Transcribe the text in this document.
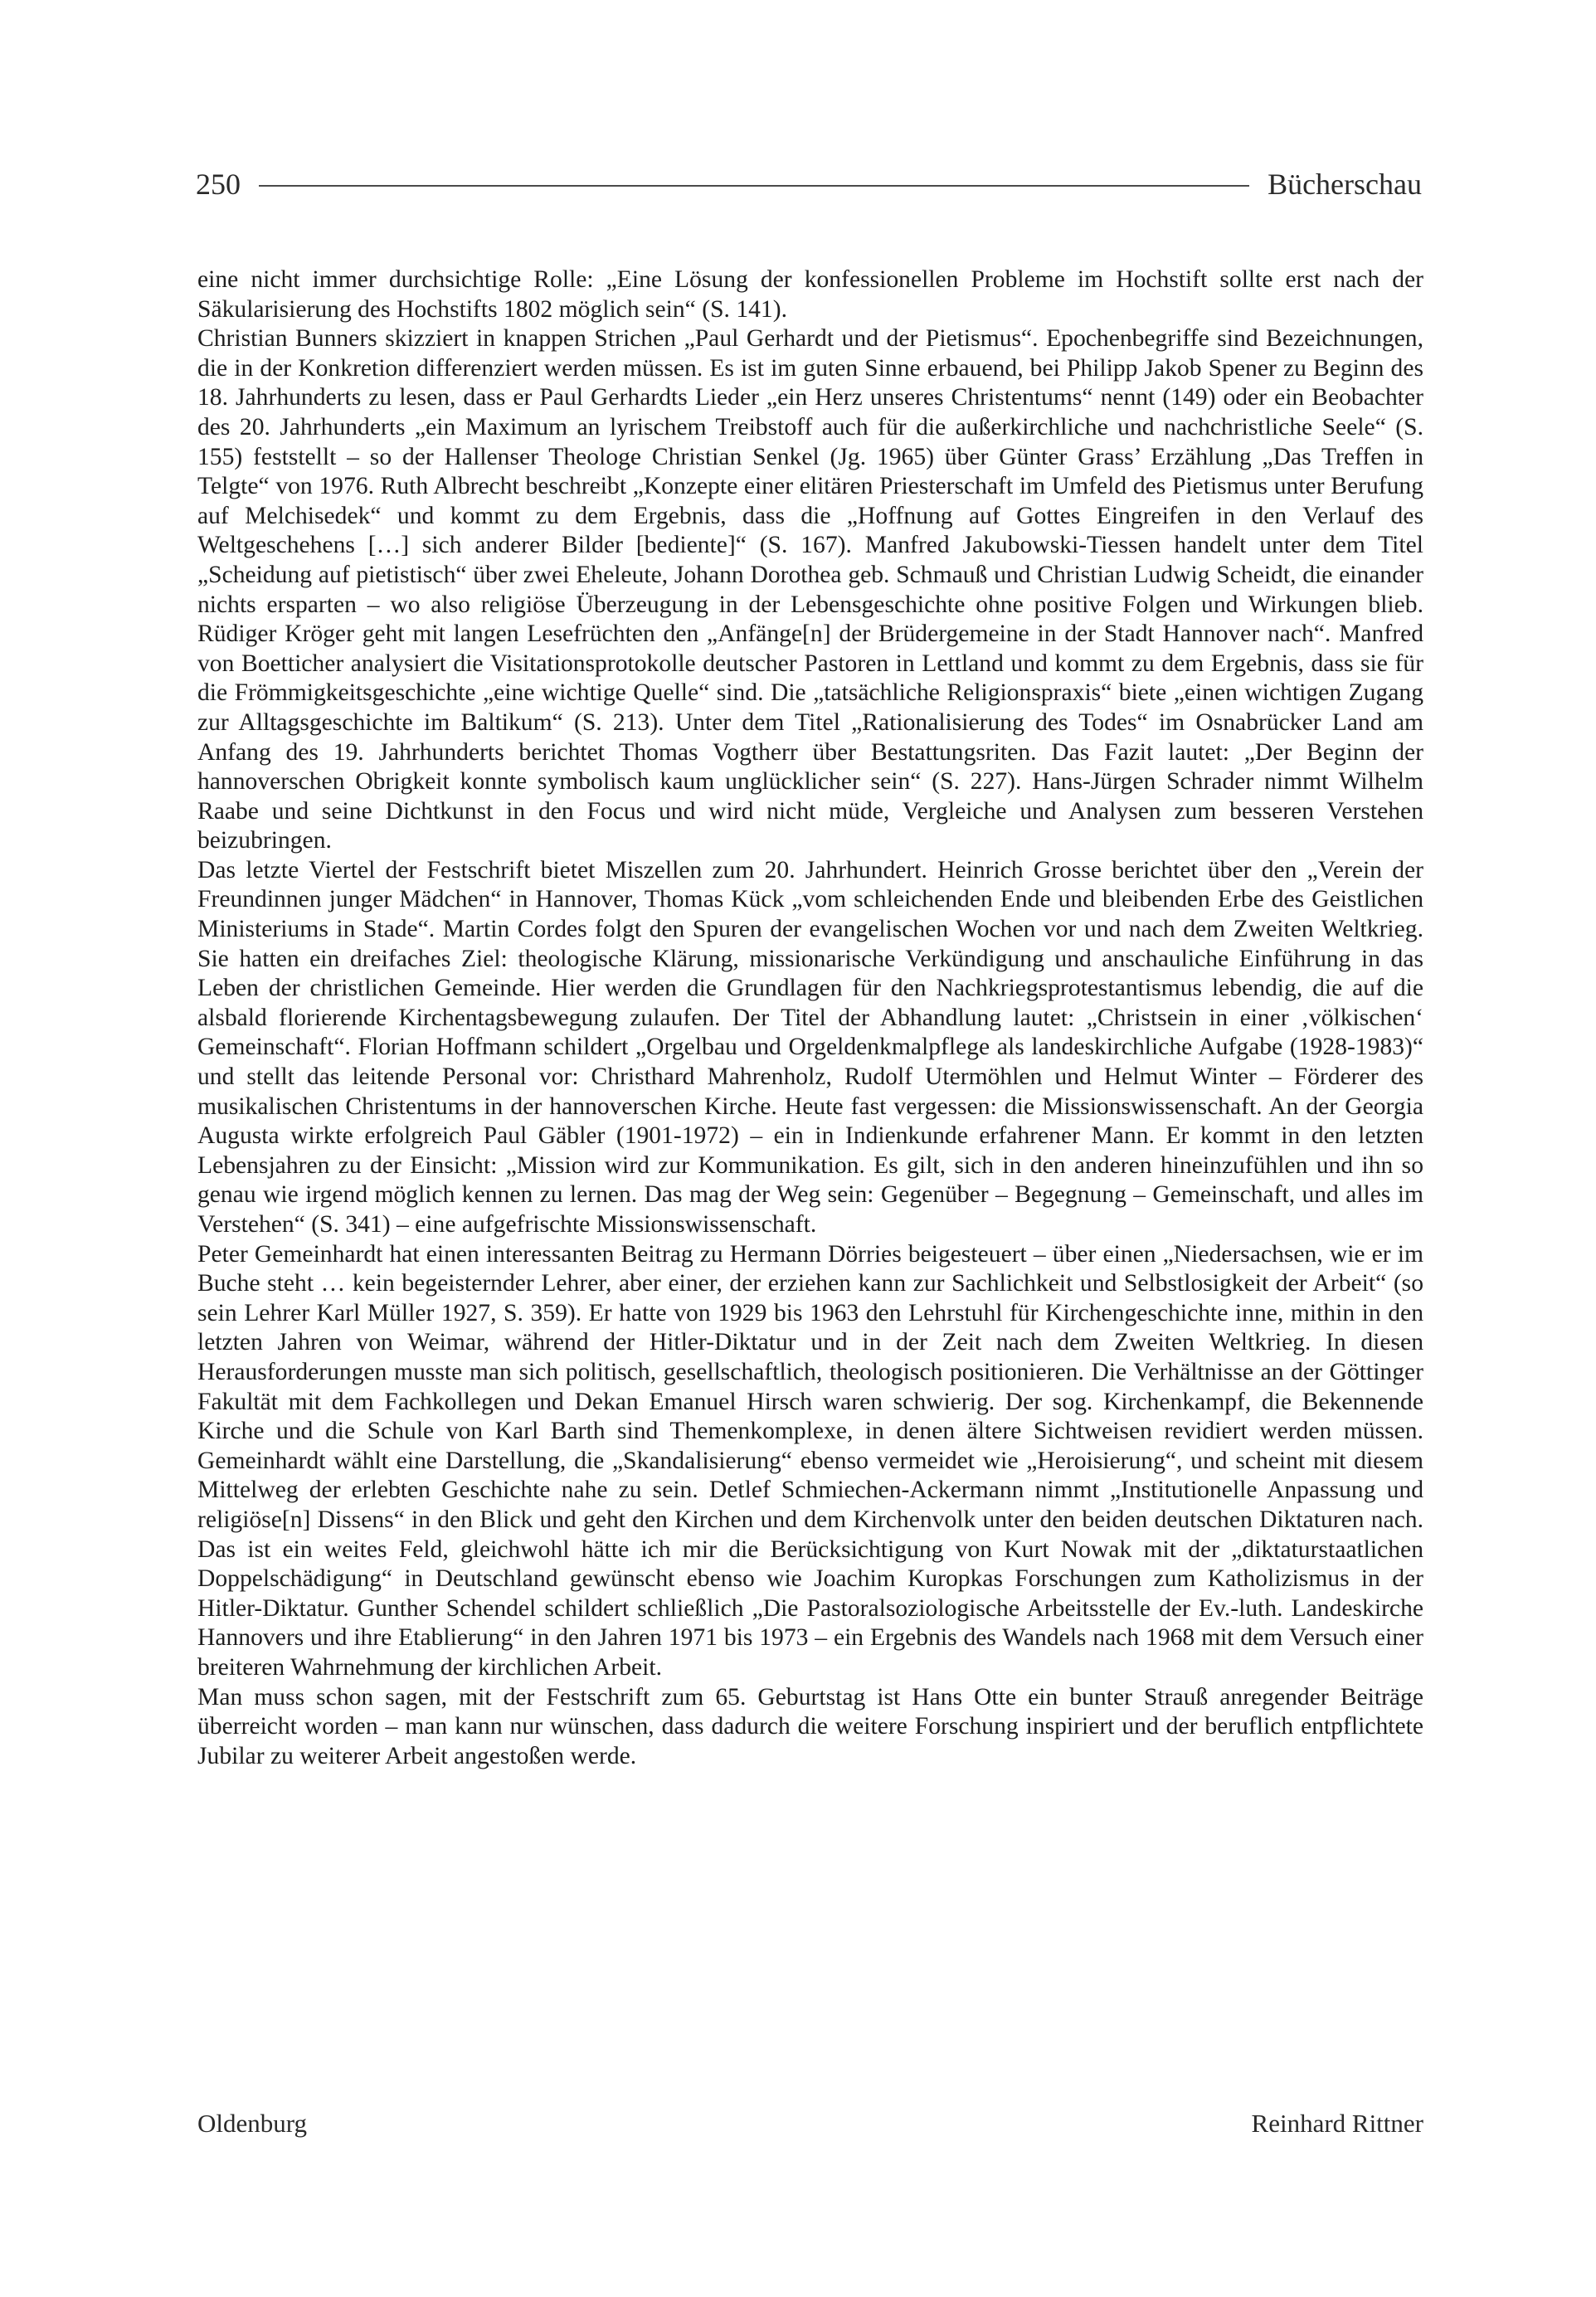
250	Bücherschau

eine nicht immer durchsichtige Rolle: „Eine Lösung der konfessionellen Probleme im Hochstift sollte erst nach der Säkularisierung des Hochstifts 1802 möglich sein“ (S. 141).

Christian Bunners skizziert in knappen Strichen „Paul Gerhardt und der Pietismus“. Epochenbegriffe sind Bezeichnungen, die in der Konkretion differenziert werden müssen. Es ist im guten Sinne erbauend, bei Philipp Jakob Spener zu Beginn des 18. Jahrhunderts zu lesen, dass er Paul Gerhardts Lieder „ein Herz unseres Christentums“ nennt (149) oder ein Beobachter des 20. Jahrhunderts „ein Maximum an lyrischem Treibstoff auch für die außerkirchliche und nachchristliche Seele“ (S. 155) feststellt – so der Hallenser Theologe Christian Senkel (Jg. 1965) über Günter Grass’ Erzählung „Das Treffen in Telgte“ von 1976. Ruth Albrecht beschreibt „Konzepte einer elitären Priesterschaft im Umfeld des Pietismus unter Berufung auf Melchisedek“ und kommt zu dem Ergebnis, dass die „Hoffnung auf Gottes Eingreifen in den Verlauf des Weltgeschehens […] sich anderer Bilder [bediente]“ (S. 167). Manfred Jakubowski-Tiessen handelt unter dem Titel „Scheidung auf pietistisch“ über zwei Eheleute, Johann Dorothea geb. Schmauß und Christian Ludwig Scheidt, die einander nichts ersparten – wo also religiöse Überzeugung in der Lebensgeschichte ohne positive Folgen und Wirkungen blieb. Rüdiger Kröger geht mit langen Lesefrüchten den „Anfänge[n] der Brüdergemeine in der Stadt Hannover nach“. Manfred von Boetticher analysiert die Visitationsprotokolle deutscher Pastoren in Lettland und kommt zu dem Ergebnis, dass sie für die Frömmigkeitsgeschichte „eine wichtige Quelle“ sind. Die „tatsächliche Religionspraxis“ biete „einen wichtigen Zugang zur Alltagsgeschichte im Baltikum“ (S. 213). Unter dem Titel „Rationalisierung des Todes“ im Osnabrücker Land am Anfang des 19. Jahrhunderts berichtet Thomas Vogtherr über Bestattungsriten. Das Fazit lautet: „Der Beginn der hannoverschen Obrigkeit konnte symbolisch kaum unglücklicher sein“ (S. 227). Hans-Jürgen Schrader nimmt Wilhelm Raabe und seine Dichtkunst in den Focus und wird nicht müde, Vergleiche und Analysen zum besseren Verstehen beizubringen.

Das letzte Viertel der Festschrift bietet Miszellen zum 20. Jahrhundert. Heinrich Grosse berichtet über den „Verein der Freundinnen junger Mädchen“ in Hannover, Thomas Kück „vom schleichenden Ende und bleibenden Erbe des Geistlichen Ministeriums in Stade“. Martin Cordes folgt den Spuren der evangelischen Wochen vor und nach dem Zweiten Weltkrieg. Sie hatten ein dreifaches Ziel: theologische Klärung, missionarische Verkündigung und anschauliche Einführung in das Leben der christlichen Gemeinde. Hier werden die Grundlagen für den Nachkriegsprotestantismus lebendig, die auf die alsbald florierende Kirchentagsbewegung zulaufen. Der Titel der Abhandlung lautet: „Christsein in einer ‚völkischen‘ Gemeinschaft“. Florian Hoffmann schildert „Orgelbau und Orgeldenkmalpflege als landeskirchliche Aufgabe (1928-1983)“ und stellt das leitende Personal vor: Christhard Mahrenholz, Rudolf Utermöhlen und Helmut Winter – Förderer des musikalischen Christentums in der hannoverschen Kirche. Heute fast vergessen: die Missionswissenschaft. An der Georgia Augusta wirkte erfolgreich Paul Gäbler (1901-1972) – ein in Indienkunde erfahrener Mann. Er kommt in den letzten Lebensjahren zu der Einsicht: „Mission wird zur Kommunikation. Es gilt, sich in den anderen hineinzufühlen und ihn so genau wie irgend möglich kennen zu lernen. Das mag der Weg sein: Gegenüber – Begegnung – Gemeinschaft, und alles im Verstehen“ (S. 341) – eine aufgefrischte Missionswissenschaft.

Peter Gemeinhardt hat einen interessanten Beitrag zu Hermann Dörries beigesteuert – über einen „Niedersachsen, wie er im Buche steht … kein begeisternder Lehrer, aber einer, der erziehen kann zur Sachlichkeit und Selbstlosigkeit der Arbeit“ (so sein Lehrer Karl Müller 1927, S. 359). Er hatte von 1929 bis 1963 den Lehrstuhl für Kirchengeschichte inne, mithin in den letzten Jahren von Weimar, während der Hitler-Diktatur und in der Zeit nach dem Zweiten Weltkrieg. In diesen Herausforderungen musste man sich politisch, gesellschaftlich, theologisch positionieren. Die Verhältnisse an der Göttinger Fakultät mit dem Fachkollegen und Dekan Emanuel Hirsch waren schwierig. Der sog. Kirchenkampf, die Bekennende Kirche und die Schule von Karl Barth sind Themenkomplexe, in denen ältere Sichtweisen revidiert werden müssen. Gemeinhardt wählt eine Darstellung, die „Skandalisierung“ ebenso vermeidet wie „Heroisierung“, und scheint mit diesem Mittelweg der erlebten Geschichte nahe zu sein. Detlef Schmiechen-Ackermann nimmt „Institutionelle Anpassung und religiöse[n] Dissens“ in den Blick und geht den Kirchen und dem Kirchenvolk unter den beiden deutschen Diktaturen nach. Das ist ein weites Feld, gleichwohl hätte ich mir die Berücksichtigung von Kurt Nowak mit der „diktaturstaatlichen Doppelschädigung“ in Deutschland gewünscht ebenso wie Joachim Kuropkas Forschungen zum Katholizismus in der Hitler-Diktatur. Gunther Schendel schildert schließlich „Die Pastoralsoziologische Arbeitsstelle der Ev.-luth. Landeskirche Hannovers und ihre Etablierung“ in den Jahren 1971 bis 1973 – ein Ergebnis des Wandels nach 1968 mit dem Versuch einer breiteren Wahrnehmung der kirchlichen Arbeit.

Man muss schon sagen, mit der Festschrift zum 65. Geburtstag ist Hans Otte ein bunter Strauß anregender Beiträge überreicht worden – man kann nur wünschen, dass dadurch die weitere Forschung inspiriert und der beruflich entpflichtete Jubilar zu weiterer Arbeit angestoßen werde.

Oldenburg	Reinhard Rittner
